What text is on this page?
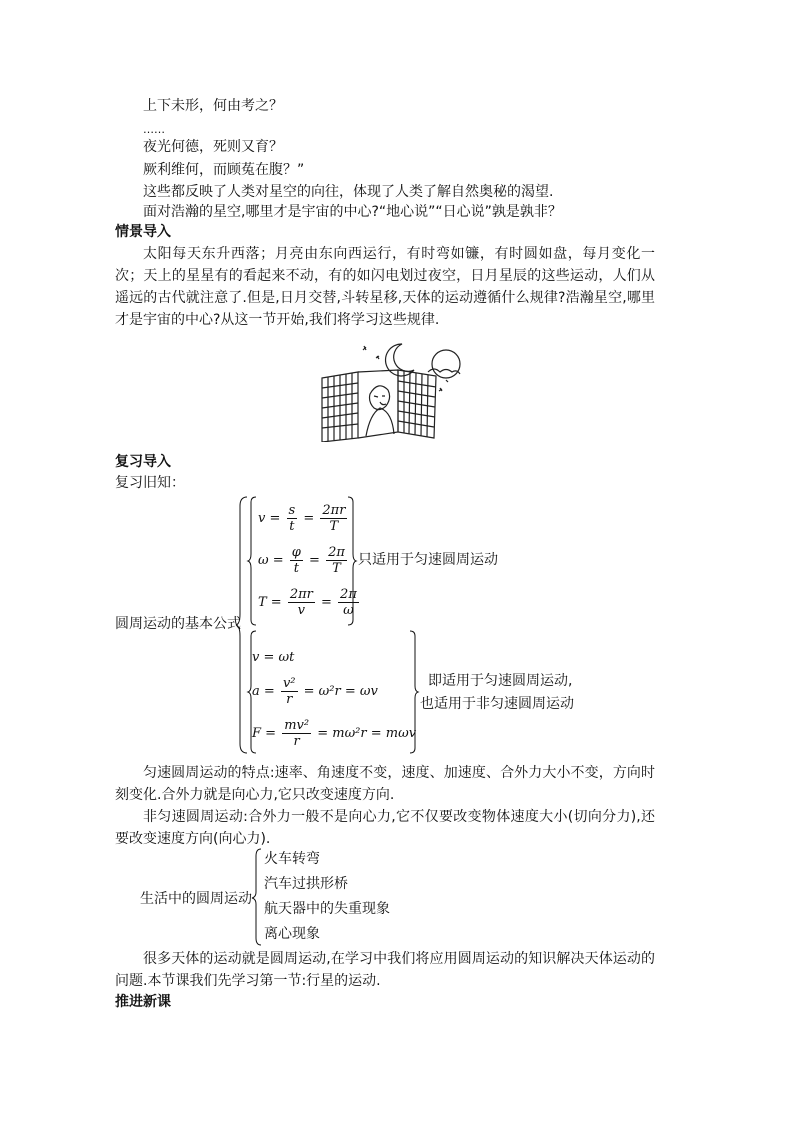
上下未形，何由考之？
……
夜光何德，死则又育？
厥利维何，而顾菟在腹？”
这些都反映了人类对星空的向往，体现了人类了解自然奥秘的渴望.
面对浩瀚的星空,哪里才是宇宙的中心?“地心说”“日心说”孰是孰非？
情景导入
太阳每天东升西落；月亮由东向西运行，有时弯如镰，有时圆如盘，每月变化一次；天上的星星有的看起来不动，有的如闪电划过夜空，日月星辰的这些运动，人们从遥远的古代就注意了.但是,日月交替,斗转星移,天体的运动遵循什么规律?浩瀚星空,哪里才是宇宙的中心?从这一节开始,我们将学习这些规律.
复习导入
复习旧知：
圆周运动的基本公式
$v = \frac{s}{t} = \frac{2\pi r}{T}$
$\omega = \frac{\varphi}{t} = \frac{2\pi}{T}$
$T = \frac{2\pi r}{v} = \frac{2\pi}{\omega}$
只适用于匀速圆周运动
v = ωt
$a = \frac{\text{v²}}{r}$
= ω²r = ωv
$F = \frac{\text{mv²}}{r}$
= mω²r = mωv
即适用于匀速圆周运动,
也适用于非匀速圆周运动
匀速圆周运动的特点:速率、角速度不变，速度、加速度、合外力大小不变，方向时刻变化.合外力就是向心力,它只改变速度方向.
非匀速圆周运动:合外力一般不是向心力,它不仅要改变物体速度大小(切向分力),还要改变速度方向(向心力).
生活中的圆周运动
火车转弯
汽车过拱形桥
航天器中的失重现象
离心现象
很多天体的运动就是圆周运动,在学习中我们将应用圆周运动的知识解决天体运动的问题.本节课我们先学习第一节:行星的运动.
推进新课
